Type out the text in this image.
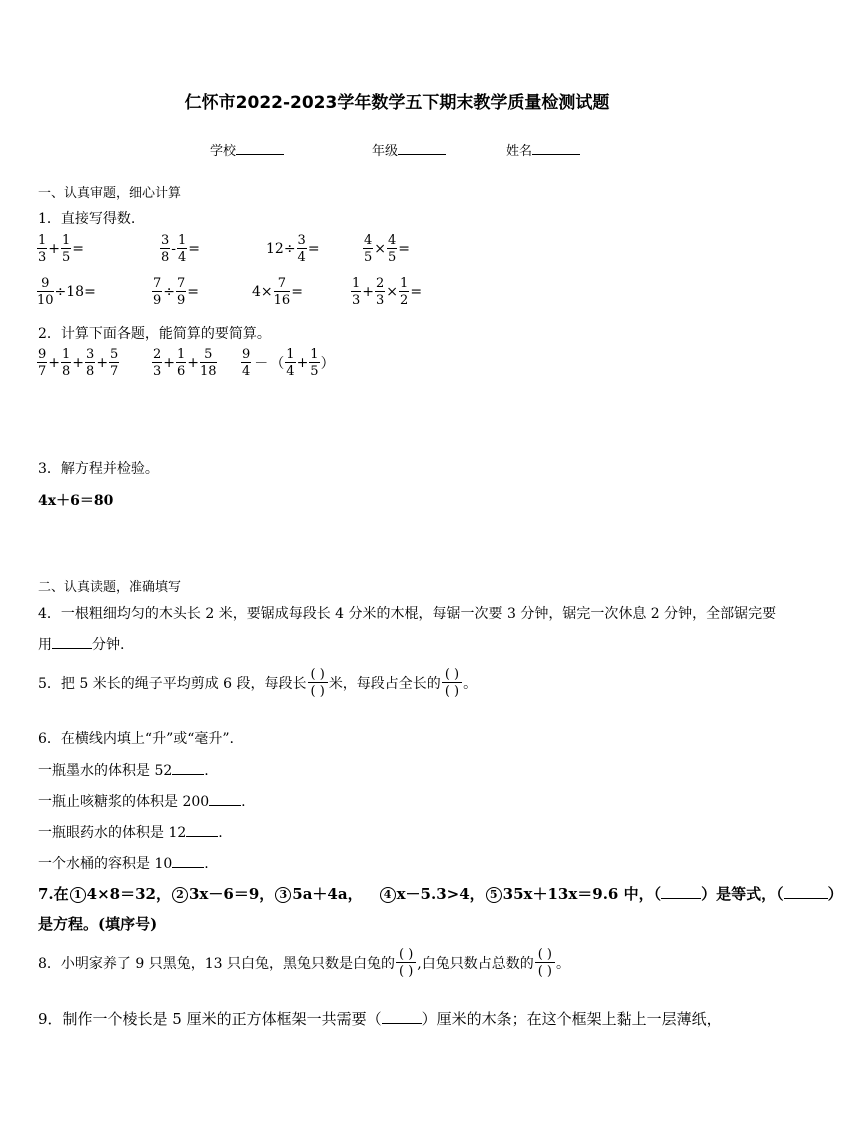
仁怀市2022-2023学年数学五下期末教学质量检测试题
学校	年级	姓名
一、认真审题，细心计算
1．直接写得数.
$\frac{1}{3} + \frac{1}{5}$ =	$\frac{3}{8} - \frac{1}{4}$ =	$12\div \frac{3}{4}$ =	$\frac{4}{5} \times \frac{4}{5}$ =
$\frac{9}{10} \div 18=$	$\frac{7}{9} \div \frac{7}{9}$ =	$4\times \frac{7}{16}$ =	$\frac{1}{3} + \frac{2}{3} \times \frac{1}{2}$ =
2．计算下面各题，能简算的要简算。
$\frac{9}{7} + \frac{1}{8} + \frac{3}{8} + \frac{5}{7}$	$\frac{2}{3} + \frac{1}{6} + \frac{5}{18} \frac{9}{4}$ － （ $\frac{1}{4} + \frac{1}{5}$ ）
3．解方程并检验。
4x＋6＝80
二、认真读题，准确填写
4．一根粗细均匀的木头长 2 米，要锯成每段长 4 分米的木棍，每锯一次要 3 分钟，锯完一次休息 2 分钟，全部锯完要
用	分钟.
5．把 5 米长的绳子平均剪成 6 段，每段长 $\frac{( )}{( )}$ 米，每段占全长的 $\frac{( )}{( )}$ 。
6．在横线内填上“升”或“毫升”.
一瓶墨水的体积是 52 .
一瓶止咳糖浆的体积是 200 .
一瓶眼药水的体积是 12 .
一个水桶的容积是 10 .
7.在 1 4×8＝32， 2 3x－6＝9， 3 5a＋4a， 4 x－5.3>4， 5 35x＋13x＝9.6 中，（	）是等式，（	）
是方程。(填序号)
8．小明家养了 9 只黑兔，13 只白兔，黑兔只数是白兔的 $\frac{( )}{( )}$ ,白兔只数占总数的 $\frac{( )}{( )}$ 。
9．制作一个棱长是 5 厘米的正方体框架一共需要（	）厘米的木条；在这个框架上黏上一层薄纸，
